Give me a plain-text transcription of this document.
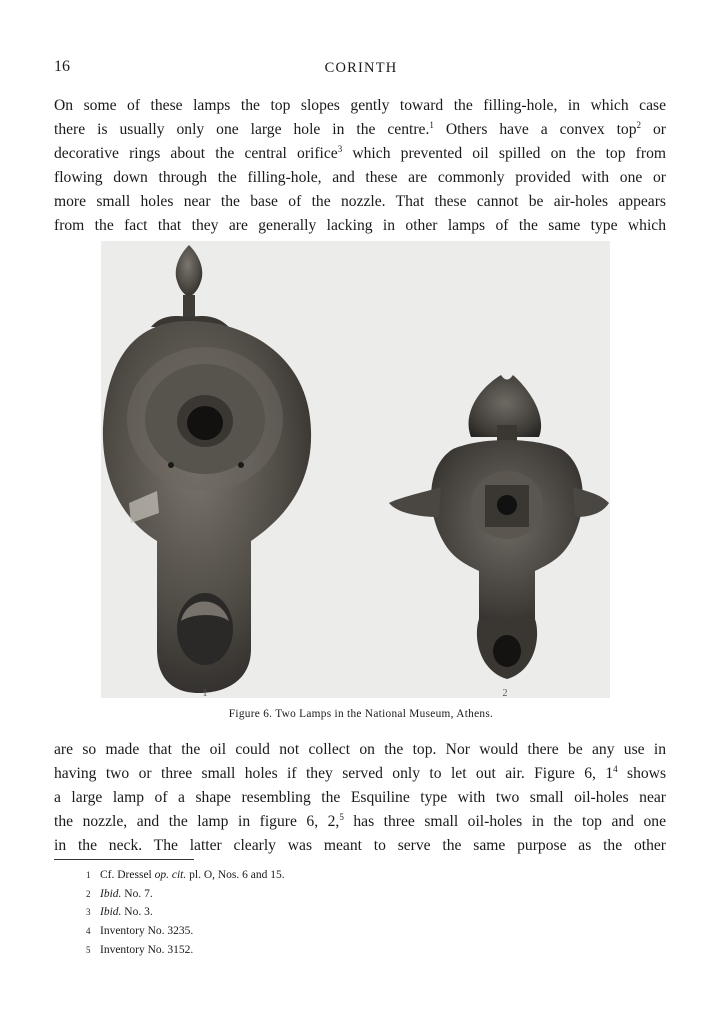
16	CORINTH
On some of these lamps the top slopes gently toward the filling-hole, in which case
there is usually only one large hole in the centre.$^1$ Others have a convex top$^2$ or
decorative rings about the central orifice$^3$ which prevented oil spilled on the top from
flowing down through the filling-hole, and these are commonly provided with one or
more small holes near the base of the nozzle. That these cannot be air-holes appears
from the fact that they are generally lacking in other lamps of the same type which
1	2
Figure 6. Two Lamps in the National Museum, Athens.
are so made that the oil could not collect on the top. Nor would there be any use in
having two or three small holes if they served only to let out air. Figure 6, $1^4$ shows
a large lamp of a shape resembling the Esquiline type with two small oil-holes near
the nozzle, and the lamp in figure 6, 2,$^5$ has three small oil-holes in the top and one
in the neck. The latter clearly was meant to serve the same purpose as the other
1 Cf. Dressel op. cit. pl. O, Nos. 6 and 15.
2 Ibid. No. 7.
3 Ibid. No. 3.
4 Inventory No. 3235.
5 Inventory No. 3152.
